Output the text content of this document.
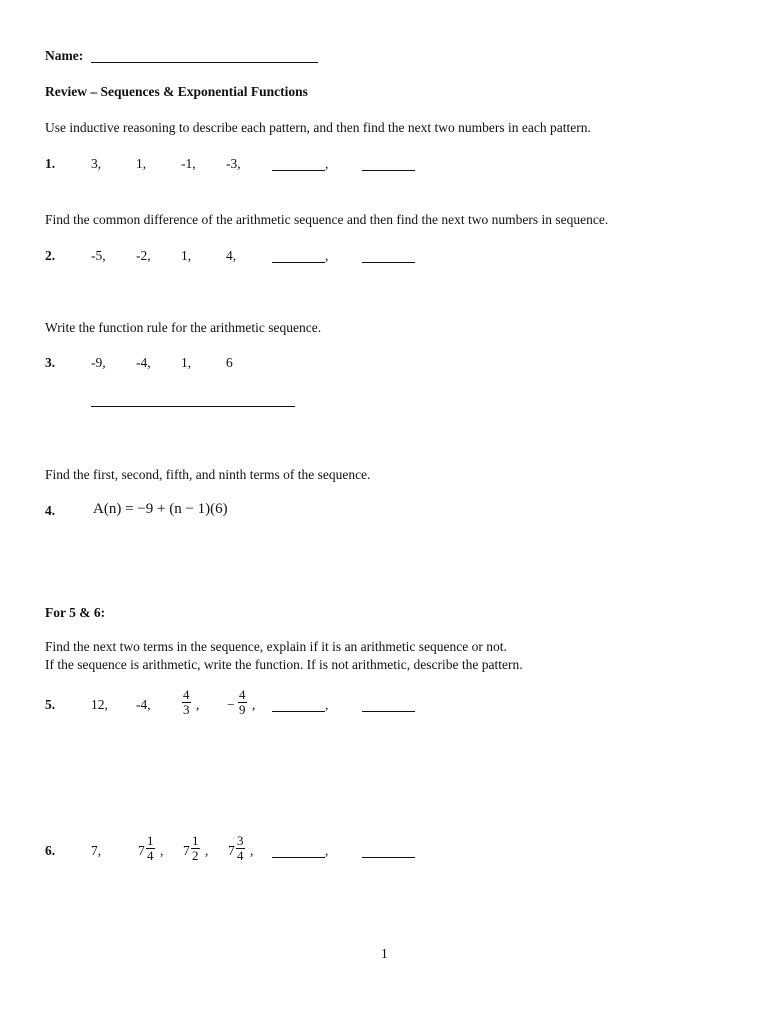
Name:
Review – Sequences & Exponential Functions
Use inductive reasoning to describe each pattern, and then find the next two numbers in each pattern.
1.	3,	1,	-1, -3,	,
Find the common difference of the arithmetic sequence and then find the next two numbers in sequence.
2.	-5, -2, 1,	4,	,
Write the function rule for the arithmetic sequence.
3.	-9, -4, 1,	6
Find the first, second, fifth, and ninth terms of the sequence.
4.	A(n) = −9 + (n − 1)(6)
For 5 & 6:
Find the next two terms in the sequence, explain if it is an arithmetic sequence or not.
If the sequence is arithmetic, write the function. If is not arithmetic, describe the pattern.
5.	12, -4, $\frac{4}{3}$ , − $\frac{4}{9}$ ,	,
6.	7,	$7 \frac{1}{4}$ , $7 \frac{1}{2}$ , $7 \frac{3}{4}$ ,	,
1
